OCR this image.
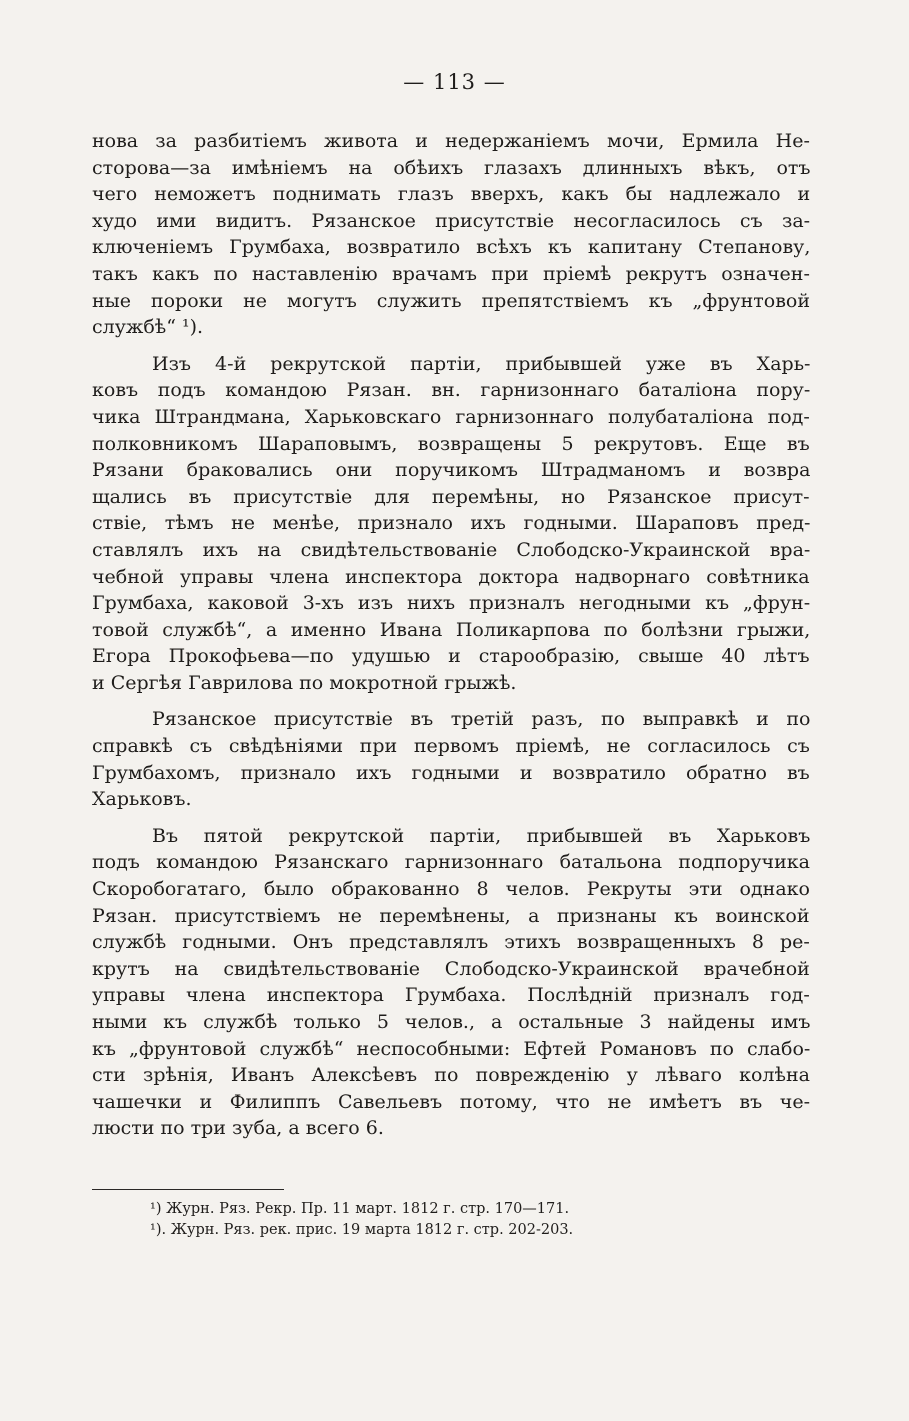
— 113 —
нова за разбитіемъ живота и недержаніемъ мочи, Ермила Не-
сторова—за имѣніемъ на обѣихъ глазахъ длинныхъ вѣкъ, отъ
чего неможетъ поднимать глазъ вверхъ, какъ бы надлежало и
худо ими видитъ. Рязанское присутствіе несогласилось съ за-
ключеніемъ Грумбаха, возвратило всѣхъ къ капитану Степанову,
такъ какъ по наставленію врачамъ при пріемѣ рекрутъ означен-
ные пороки не могутъ служить препятствіемъ къ „фрунтовой
службѣ“ ¹).
Изъ 4-й рекрутской партіи, прибывшей уже въ Харь-
ковъ подъ командою Рязан. вн. гарнизоннаго баталіона пору-
чика Штрандмана, Харьковскаго гарнизоннаго полубаталіона под-
полковникомъ Шараповымъ, возвращены 5 рекрутовъ. Еще въ
Рязани браковались они поручикомъ Штрадманомъ и возвра
щались въ присутствіе для перемѣны, но Рязанское присут-
ствіе, тѣмъ не менѣе, признало ихъ годными. Шараповъ пред-
ставлялъ ихъ на свидѣтельствованіе Слободско-Украинской вра-
чебной управы члена инспектора доктора надворнаго совѣтника
Грумбаха, каковой 3-хъ изъ нихъ призналъ негодными къ „фрун-
товой службѣ“, а именно Ивана Поликарпова по болѣзни грыжи,
Егора Прокофьева—по удушью и старообразію, свыше 40 лѣтъ
и Сергѣя Гаврилова по мокротной грыжѣ.
Рязанское присутствіе въ третій разъ, по выправкѣ и по
справкѣ съ свѣдѣніями при первомъ пріемѣ, не согласилось съ
Грумбахомъ, признало ихъ годными и возвратило обратно въ
Харьковъ.
Въ пятой рекрутской партіи, прибывшей въ Харьковъ
подъ командою Рязанскаго гарнизоннаго батальона подпоручика
Скоробогатаго, было обракованно 8 челов. Рекруты эти однако
Рязан. присутствіемъ не перемѣнены, а признаны къ воинской
службѣ годными. Онъ представлялъ этихъ возвращенныхъ 8 ре-
крутъ на свидѣтельствованіе Слободско-Украинской врачебной
управы члена инспектора Грумбаха. Послѣдній призналъ год-
ными къ службѣ только 5 челов., а остальные 3 найдены имъ
къ „фрунтовой службѣ“ неспособными: Ефтей Романовъ по слабо-
сти зрѣнія, Иванъ Алексѣевъ по поврежденію у лѣваго колѣна
чашечки и Филиппъ Савельевъ потому, что не имѣетъ въ че-
люсти по три зуба, а всего 6.
¹) Журн. Ряз. Рекр. Пр. 11 март. 1812 г. стр. 170—171.
¹). Журн. Ряз. рек. прис. 19 марта 1812 г. стр. 202-203.
